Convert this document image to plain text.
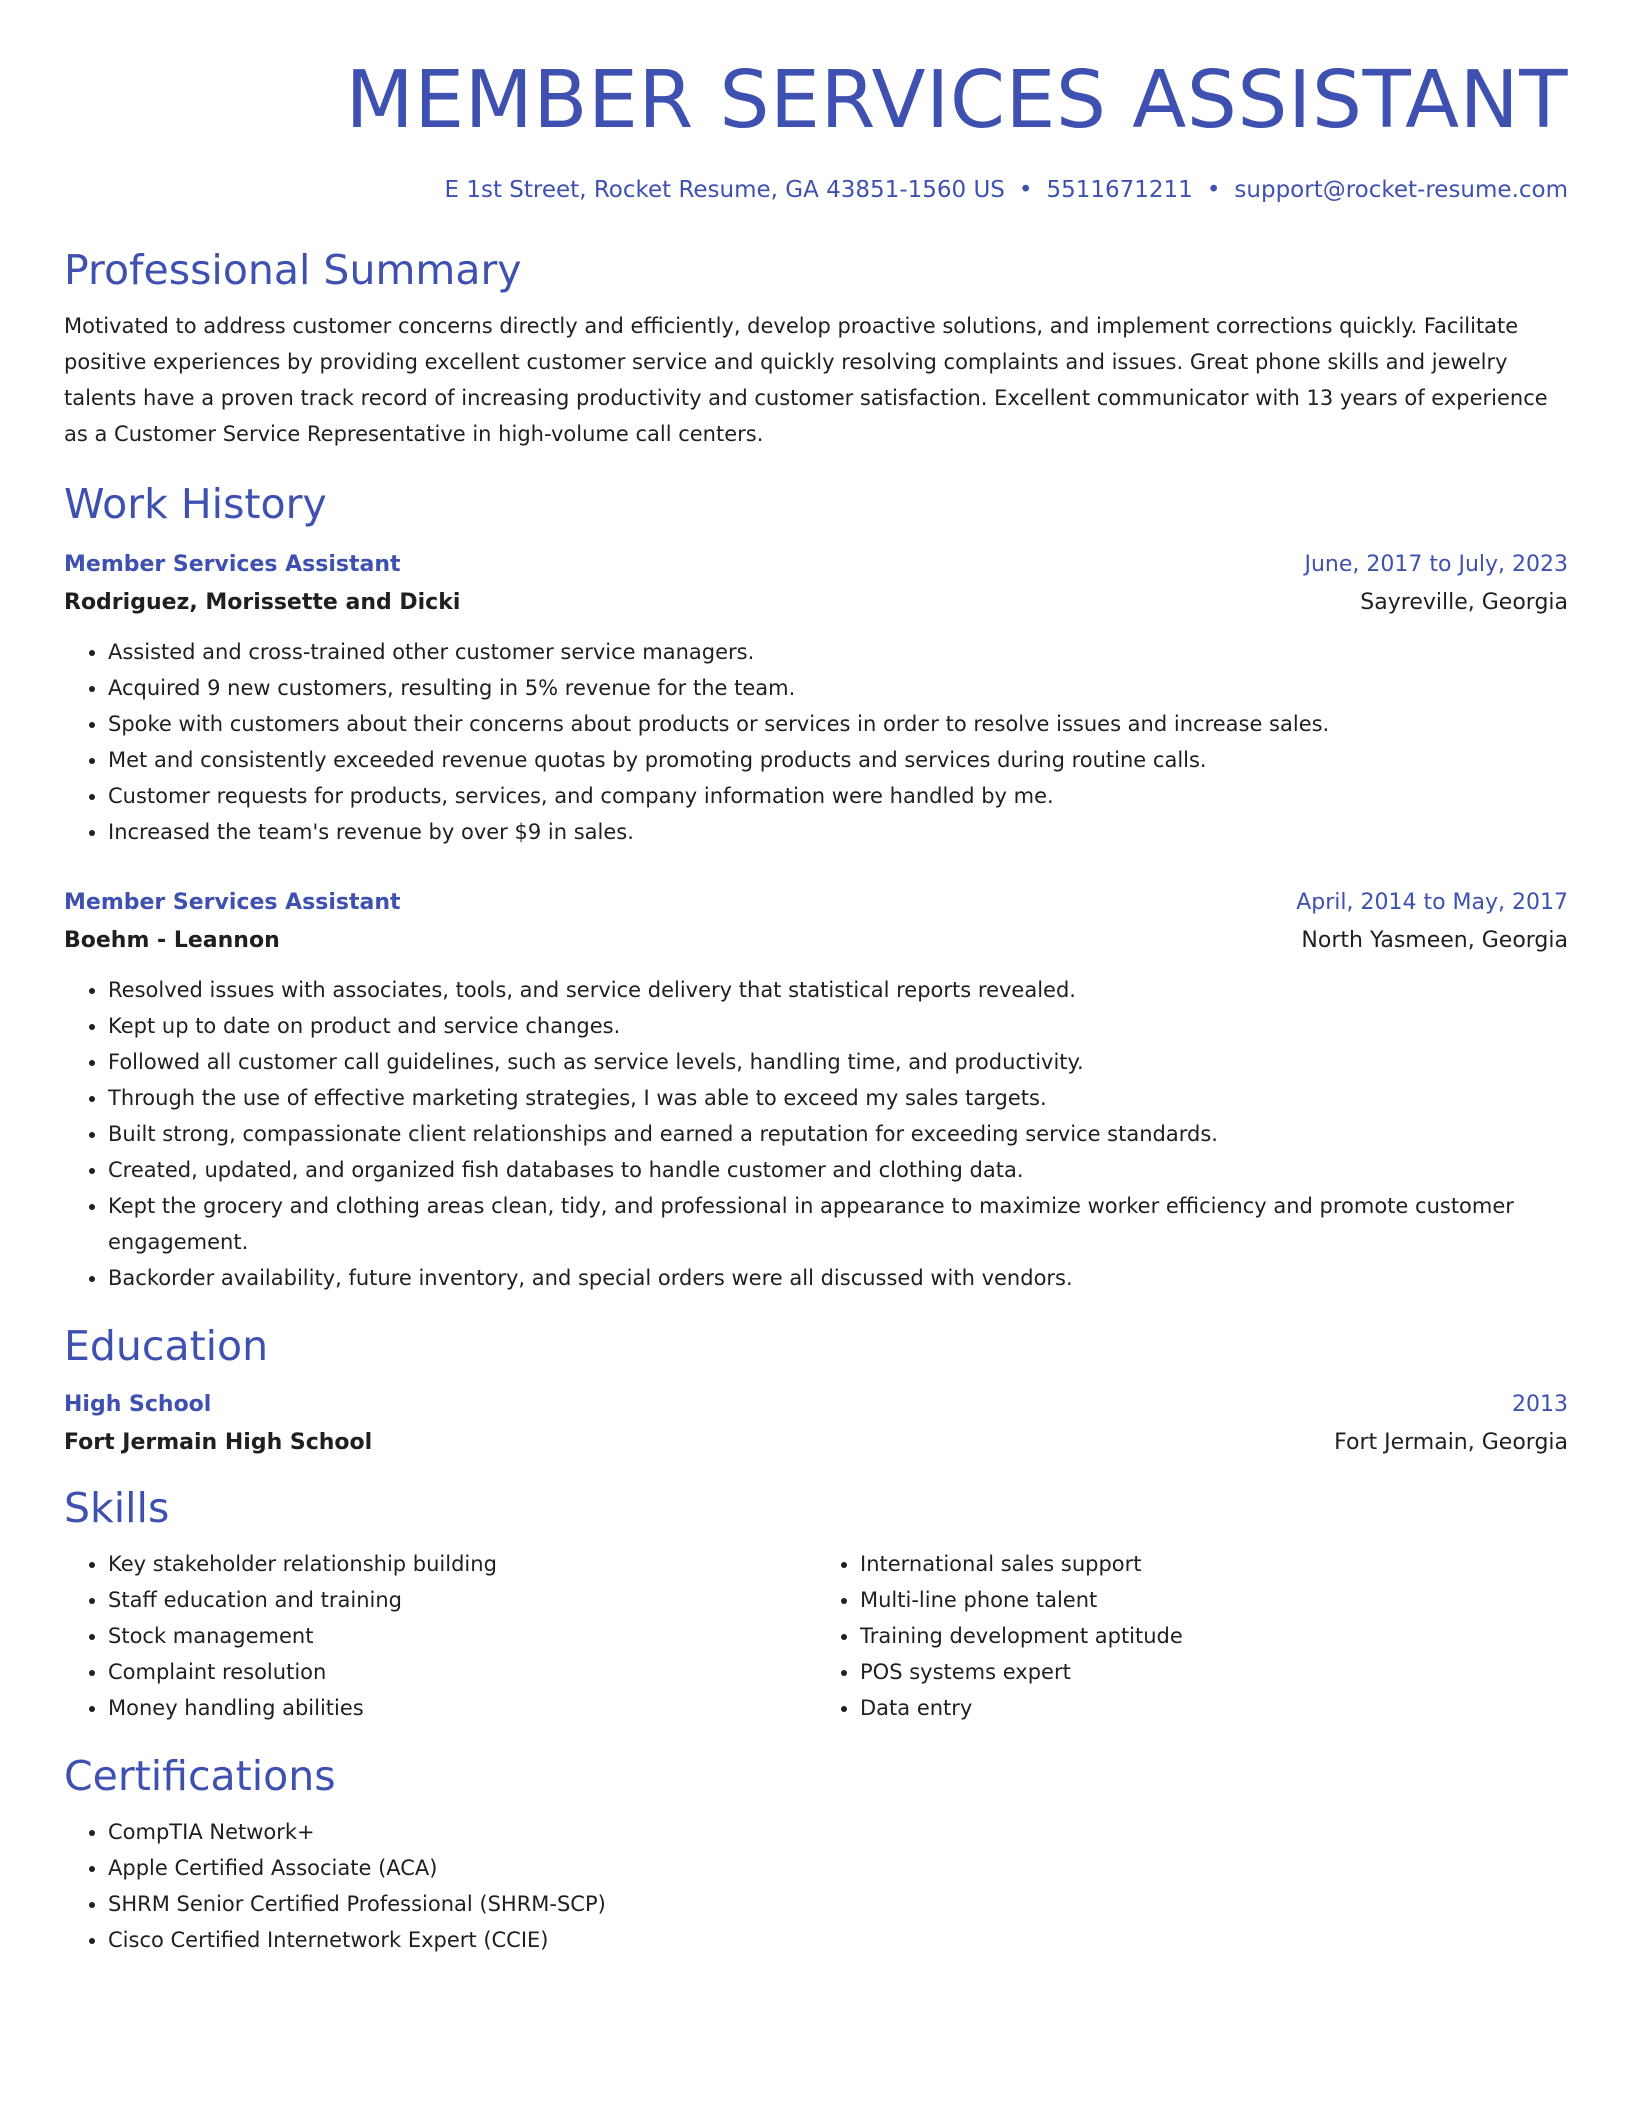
MEMBER SERVICES ASSISTANT
E 1st Street, Rocket Resume, GA 43851-1560 US • 5511671211 • support@rocket-resume.com
Professional Summary
Motivated to address customer concerns directly and efficiently, develop proactive solutions, and implement corrections quickly. Facilitate positive experiences by providing excellent customer service and quickly resolving complaints and issues. Great phone skills and jewelry talents have a proven track record of increasing productivity and customer satisfaction. Excellent communicator with 13 years of experience as a Customer Service Representative in high-volume call centers.
Work History
Member Services Assistant	June, 2017 to July, 2023
Rodriguez, Morissette and Dicki	Sayreville, Georgia
• Assisted and cross-trained other customer service managers.
• Acquired 9 new customers, resulting in 5% revenue for the team.
• Spoke with customers about their concerns about products or services in order to resolve issues and increase sales.
• Met and consistently exceeded revenue quotas by promoting products and services during routine calls.
• Customer requests for products, services, and company information were handled by me.
• Increased the team's revenue by over $9 in sales.
Member Services Assistant	April, 2014 to May, 2017
Boehm - Leannon	North Yasmeen, Georgia
• Resolved issues with associates, tools, and service delivery that statistical reports revealed.
• Kept up to date on product and service changes.
• Followed all customer call guidelines, such as service levels, handling time, and productivity.
• Through the use of effective marketing strategies, I was able to exceed my sales targets.
• Built strong, compassionate client relationships and earned a reputation for exceeding service standards.
• Created, updated, and organized fish databases to handle customer and clothing data.
• Kept the grocery and clothing areas clean, tidy, and professional in appearance to maximize worker efficiency and promote customer engagement.
• Backorder availability, future inventory, and special orders were all discussed with vendors.
Education
High School	2013
Fort Jermain High School	Fort Jermain, Georgia
Skills
• Key stakeholder relationship building
• Staff education and training
• Stock management
• Complaint resolution
• Money handling abilities
• International sales support
• Multi-line phone talent
• Training development aptitude
• POS systems expert
• Data entry
Certifications
• CompTIA Network+
• Apple Certified Associate (ACA)
• SHRM Senior Certified Professional (SHRM-SCP)
• Cisco Certified Internetwork Expert (CCIE)
